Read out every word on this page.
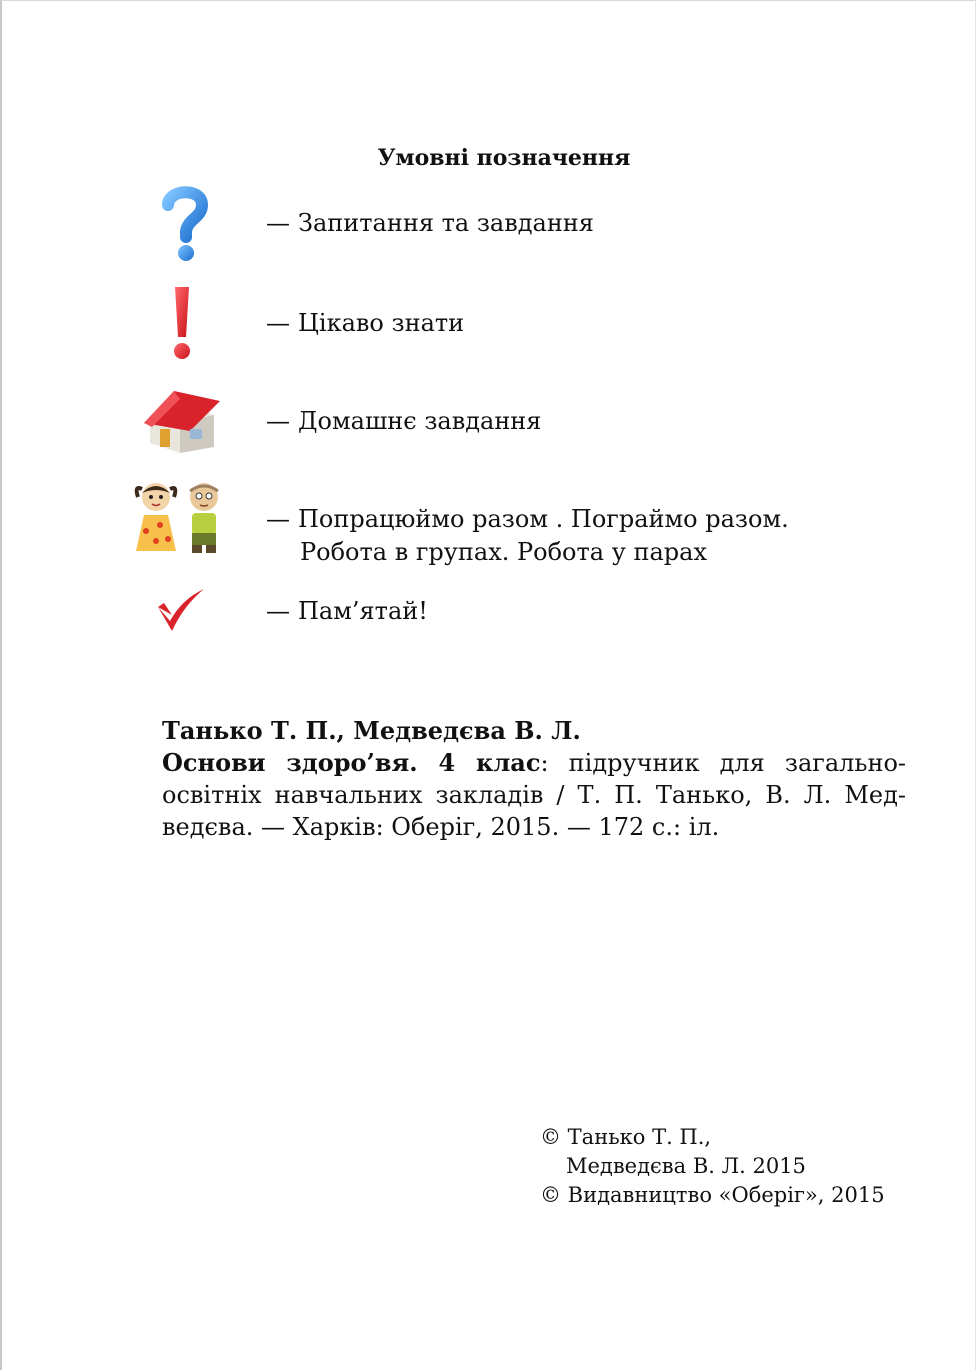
Умовні позначення
— Запитання та завдання
— Цікаво знати
— Домашнє завдання
— Попрацюймо разом . Пограймо разом.
Робота в групах. Робота у парах
— Пам’ятай!
Танько Т. П., Медведєва В. Л.
Основи здоро’вя. 4 клас: підручник для загально-освітніх навчальних закладів / Т. П. Танько, В. Л. Мед-ведєва. — Харків: Оберіг, 2015. — 172 с.: іл.
© Танько Т. П.,
Медведєва В. Л. 2015
© Видавництво «Оберіг», 2015
